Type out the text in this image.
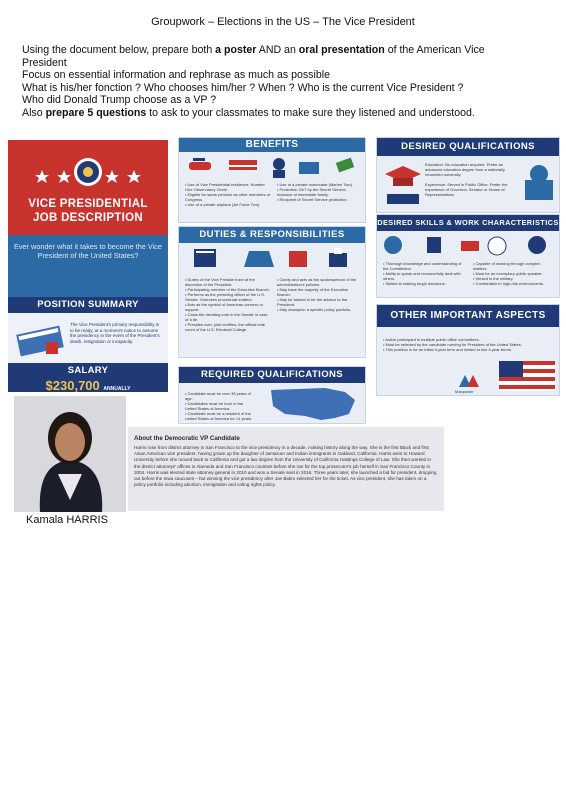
Groupwork – Elections in the US – The Vice President
Using the document below, prepare both a poster AND an oral presentation of the American Vice
President
Focus on essential information and rephrase as much as possible
What is his/her fonction ? Who chooses him/her ? When ? Who is the current Vice President ?
Who did Donald Trump choose as a VP ?
Also prepare 5 questions to ask to your classmates to make sure they listened and understood.
VICE PRESIDENTIAL
JOB DESCRIPTION
Ever wonder what it takes to become the Vice President of the United States?
POSITION SUMMARY
The Vice President's primary responsibility is to be ready, at a moment's notice to assume the presidency in the event of the President's death, resignation or incapacity.
SALARY
$230,700 ANNUALLY
BENEFITS
• Use of Vice Presidential residence: Number One Observatory Circle.
• Eligible for same pension as other members of Congress.
• Use of a private airplane (Air Force Two).
• Use of a private motorcade (Marine Two).
• Protection 24/7 by the Secret Service, inclusive of immediate family.
• Recipient of Secret Service protection.
DUTIES & RESPONSIBILITIES
• Duties of the Vice President are at the discretion of the President.
• Participating member of the Executive Branch.
• Performs as the presiding officer of the U.S. Senate. Oversees procedural matters.
• Acts as the symbol of American concern or support.
• Casts the deciding vote in the Senate in case of a tie.
• Presides over, joint certifies, the official vote count of the U.S. Electoral College.
• Clarify and acts as the spokesperson of the administration's policies.
• May have the majority of the Executive Branch.
• May be tasked to be the advisor to the President.
• May champion a specific policy portfolio.
REQUIRED QUALIFICATIONS
• Candidate must be over 35 years of age.
• Candidates must be born in the United States of America.
• Candidate must be a resident of the United States of America for 14 years.
DESIRED QUALIFICATIONS
Education: No education required. Prefer an advanced education degree from a nationally renowned university.

Experience: Served in Public Office. Prefer the experience of Governor, Senator or House of Representatives.
DESIRED SKILLS & WORK CHARACTERISTICS
• Thorough knowledge and understanding of the Constitution.
• Ability to speak and resourcefully deal with others.
• Skilled at making tough decisions.
• Capable of working through complex matters.
• Must be an exemplary public speaker.
• Versed in the military.
• Comfortable in high-risk environments.
OTHER IMPORTANT ASPECTS
• Active participant in multiple public office committees.
• Must be selected by the candidate running for President of the United States.
• This position is for an initial 4-year term and limited to two 4-year terms.
Manpower
Kamala HARRIS
About the Democratic VP Candidate
Harris rose from district attorney in San Francisco to the vice presidency in a decade, making history along the way. She is the first Black and first Asian American vice president, having grown up the daughter of Jamaican and Indian immigrants in Oakland, California. Harris went to Howard University before she moved back to California and got a law degree from the University of California Hastings College of Law. She then worked in the district attorneys' offices in Alameda and San Francisco counties before she ran for the top prosecutor's job herself in San Francisco County in 2004. Harris was elected state attorney general in 2010 and won a Senate seat in 2016. Three years later, she launched a bid for president, dropping out before the Iowa caucuses – but winning the vice presidency after Joe Biden selected her for the ticket. As vice president, she has taken on a policy portfolio including abortion, immigration and voting rights policy.
